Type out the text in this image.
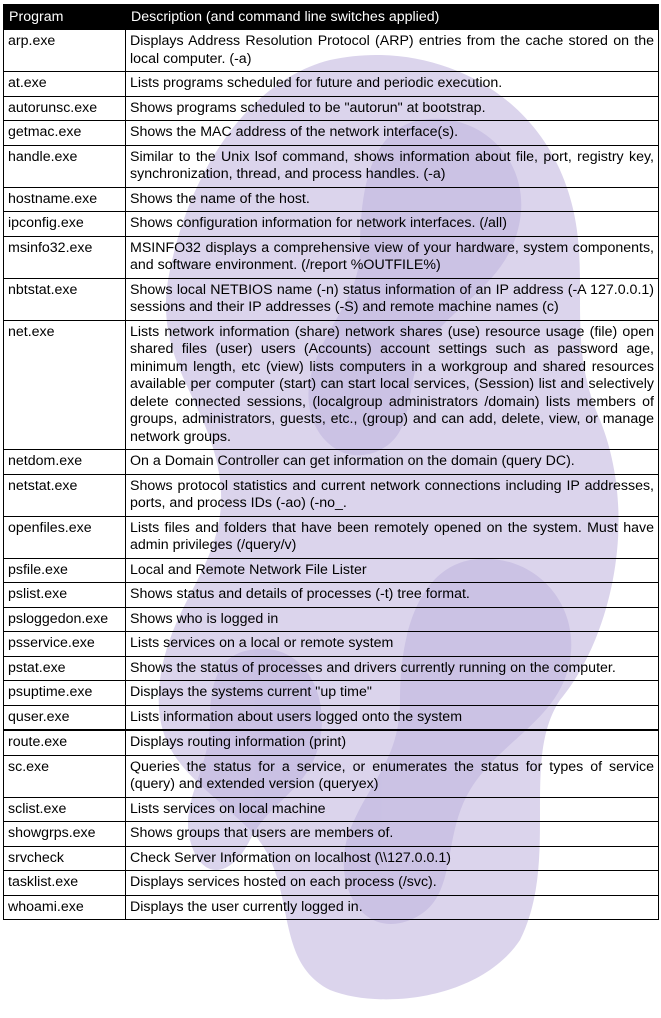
Program	Description (and command line switches applied)
arp.exe	Displays Address Resolution Protocol (ARP) entries from the cache stored on the local computer. (-a)
at.exe	Lists programs scheduled for future and periodic execution.
autorunsc.exe	Shows programs scheduled to be "autorun" at bootstrap.
getmac.exe	Shows the MAC address of the network interface(s).
handle.exe	Similar to the Unix lsof command, shows information about file, port, registry key, synchronization, thread, and process handles. (-a)
hostname.exe	Shows the name of the host.
ipconfig.exe	Shows configuration information for network interfaces. (/all)
msinfo32.exe	MSINFO32 displays a comprehensive view of your hardware, system components, and software environment. (/report %OUTFILE%)
nbtstat.exe	Shows local NETBIOS name (-n) status information of an IP address (-A 127.0.0.1) sessions and their IP addresses (-S) and remote machine names (c)
net.exe	Lists network information (share) network shares (use) resource usage (file) open shared files (user) users (Accounts) account settings such as password age, minimum length, etc (view) lists computers in a workgroup and shared resources available per computer (start) can start local services, (Session) list and selectively delete connected sessions, (localgroup administrators /domain) lists members of groups, administrators, guests, etc., (group) and can add, delete, view, or manage network groups.
netdom.exe	On a Domain Controller can get information on the domain (query DC).
netstat.exe	Shows protocol statistics and current network connections including IP addresses, ports, and process IDs (-ao) (-no_.
openfiles.exe	Lists files and folders that have been remotely opened on the system. Must have admin privileges (/query/v)
psfile.exe	Local and Remote Network File Lister
pslist.exe	Shows status and details of processes (-t) tree format.
psloggedon.exe	Shows who is logged in
psservice.exe	Lists services on a local or remote system
pstat.exe	Shows the status of processes and drivers currently running on the computer.
psuptime.exe	Displays the systems current "up time"
quser.exe	Lists information about users logged onto the system
route.exe	Displays routing information (print)
sc.exe	Queries the status for a service, or enumerates the status for types of service (query) and extended version (queryex)
sclist.exe	Lists services on local machine
showgrps.exe	Shows groups that users are members of.
srvcheck	Check Server Information on localhost (\\127.0.0.1)
tasklist.exe	Displays services hosted on each process (/svc).
whoami.exe	Displays the user currently logged in.
